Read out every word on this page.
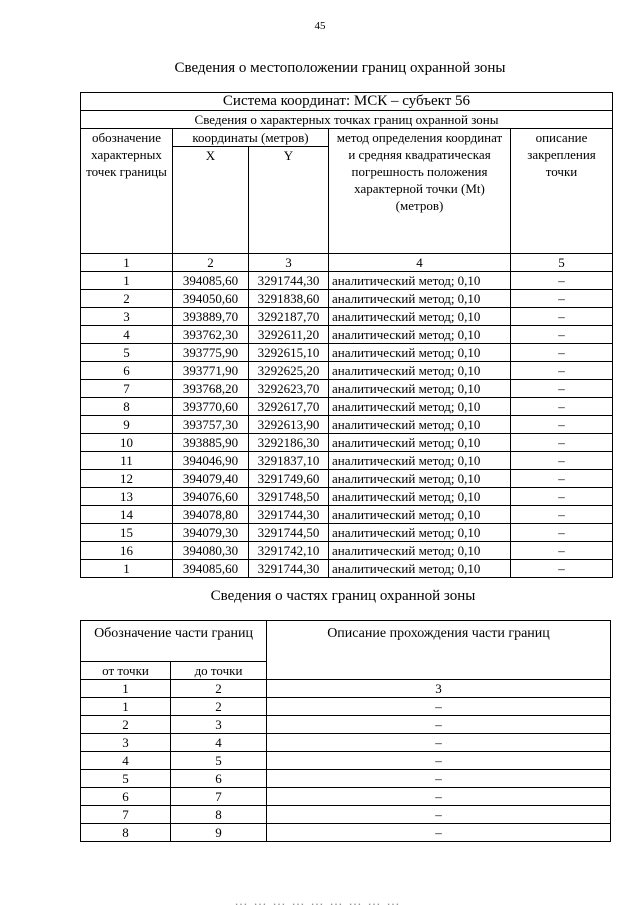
45
Сведения о местоположении границ охранной зоны
Система координат: МСК – субъект 56				
Сведения о характерных точках границ охранной зоны				
обозначение характерных точек границы	координаты (метров)		метод определения координат и средняя квадратическая погрешность положения характерной точки (Mt) (метров)	описание закрепления точки
	X	Y		
1	2	3	4	5
1	394085,60	3291744,30	аналитический метод; 0,10	–
2	394050,60	3291838,60	аналитический метод; 0,10	–
3	393889,70	3292187,70	аналитический метод; 0,10	–
4	393762,30	3292611,20	аналитический метод; 0,10	–
5	393775,90	3292615,10	аналитический метод; 0,10	–
6	393771,90	3292625,20	аналитический метод; 0,10	–
7	393768,20	3292623,70	аналитический метод; 0,10	–
8	393770,60	3292617,70	аналитический метод; 0,10	–
9	393757,30	3292613,90	аналитический метод; 0,10	–
10	393885,90	3292186,30	аналитический метод; 0,10	–
11	394046,90	3291837,10	аналитический метод; 0,10	–
12	394079,40	3291749,60	аналитический метод; 0,10	–
13	394076,60	3291748,50	аналитический метод; 0,10	–
14	394078,80	3291744,30	аналитический метод; 0,10	–
15	394079,30	3291744,50	аналитический метод; 0,10	–
16	394080,30	3291742,10	аналитический метод; 0,10	–
1	394085,60	3291744,30	аналитический метод; 0,10	–
Сведения о частях границ охранной зоны
Обозначение части границ		Описание прохождения части границ
от точки	до точки	
1	2	3
1	2	–
2	3	–
3	4	–
4	5	–
5	6	–
6	7	–
7	8	–
8	9	–
………………………
